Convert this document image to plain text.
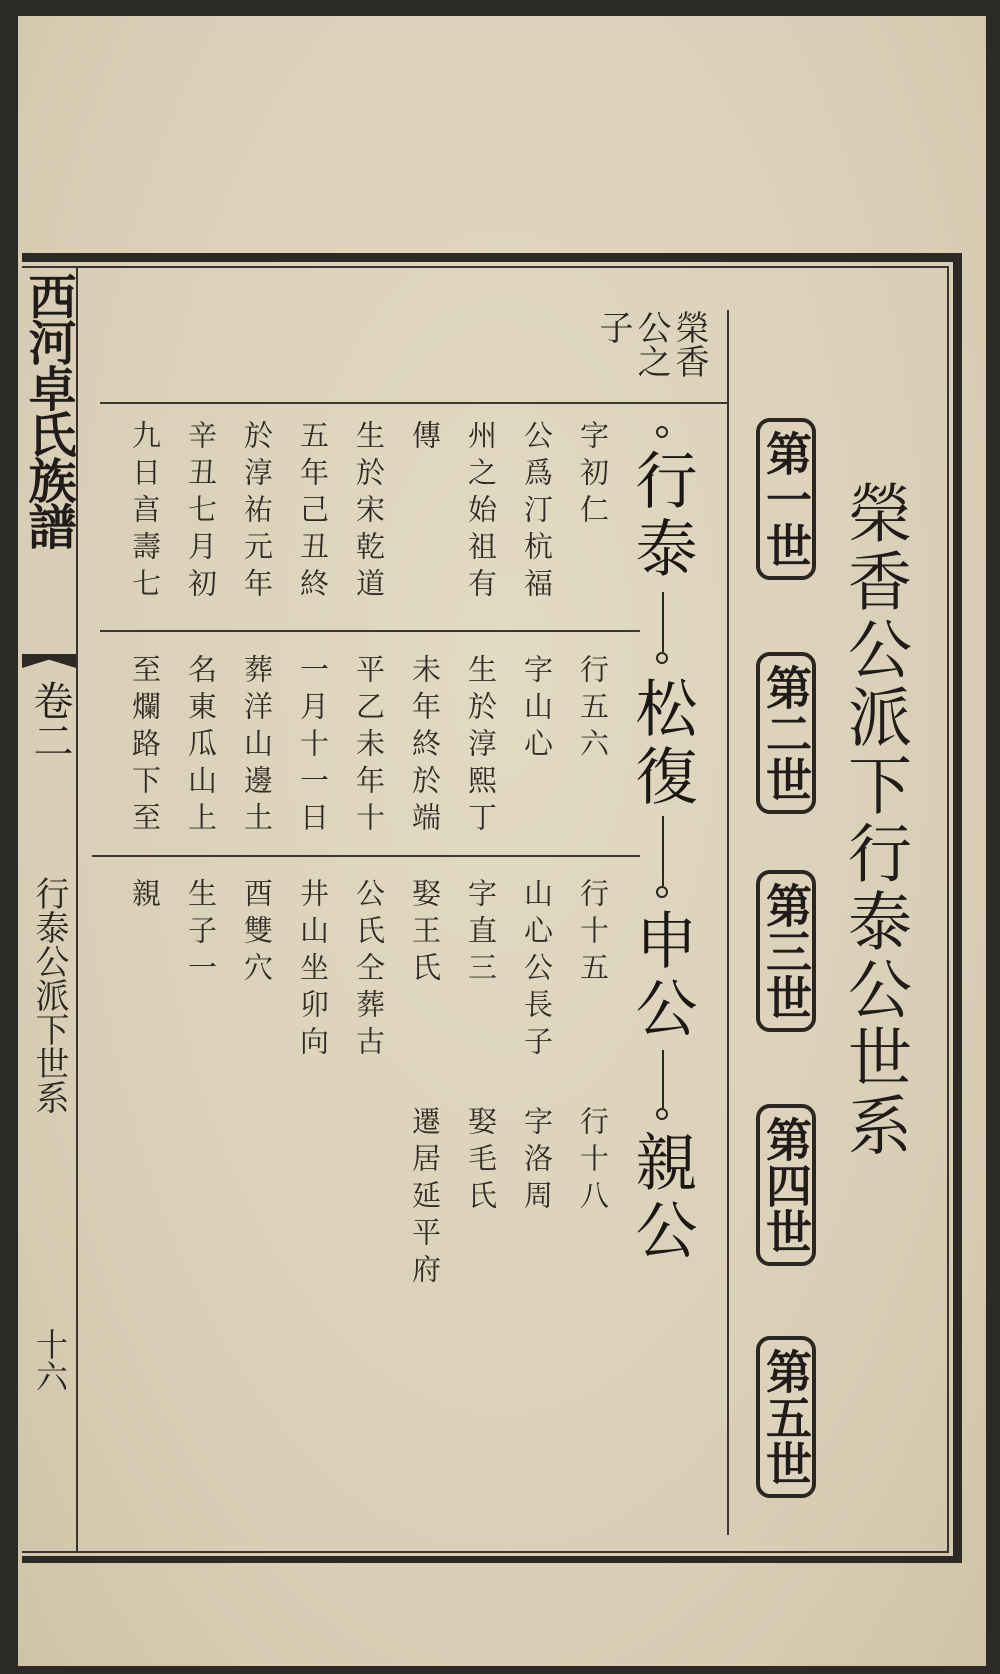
西河卓氏族譜
卷二
行泰公派下世系
十六
榮香公派下行泰公世系
第一世
第二世
第三世
第四世
第五世
榮香
公之
子
行泰
松復
申公
親公
字初仁
公爲汀杭福
州之始祖有
傳
生於宋乾道
五年己丑終
於淳祐元年
辛丑七月初
九日亯壽七
行五六
字山心
生於淳熙丁
未年終於端
平乙未年十
一月十一日
葬洋山邊土
名東瓜山上
至爛路下至
行十五
山心公長子
字直三
娶王氏
公氏仝葬古
井山坐卯向
酉雙穴
生子一
親
行十八
字洛周
娶毛氏
遷居延平府
